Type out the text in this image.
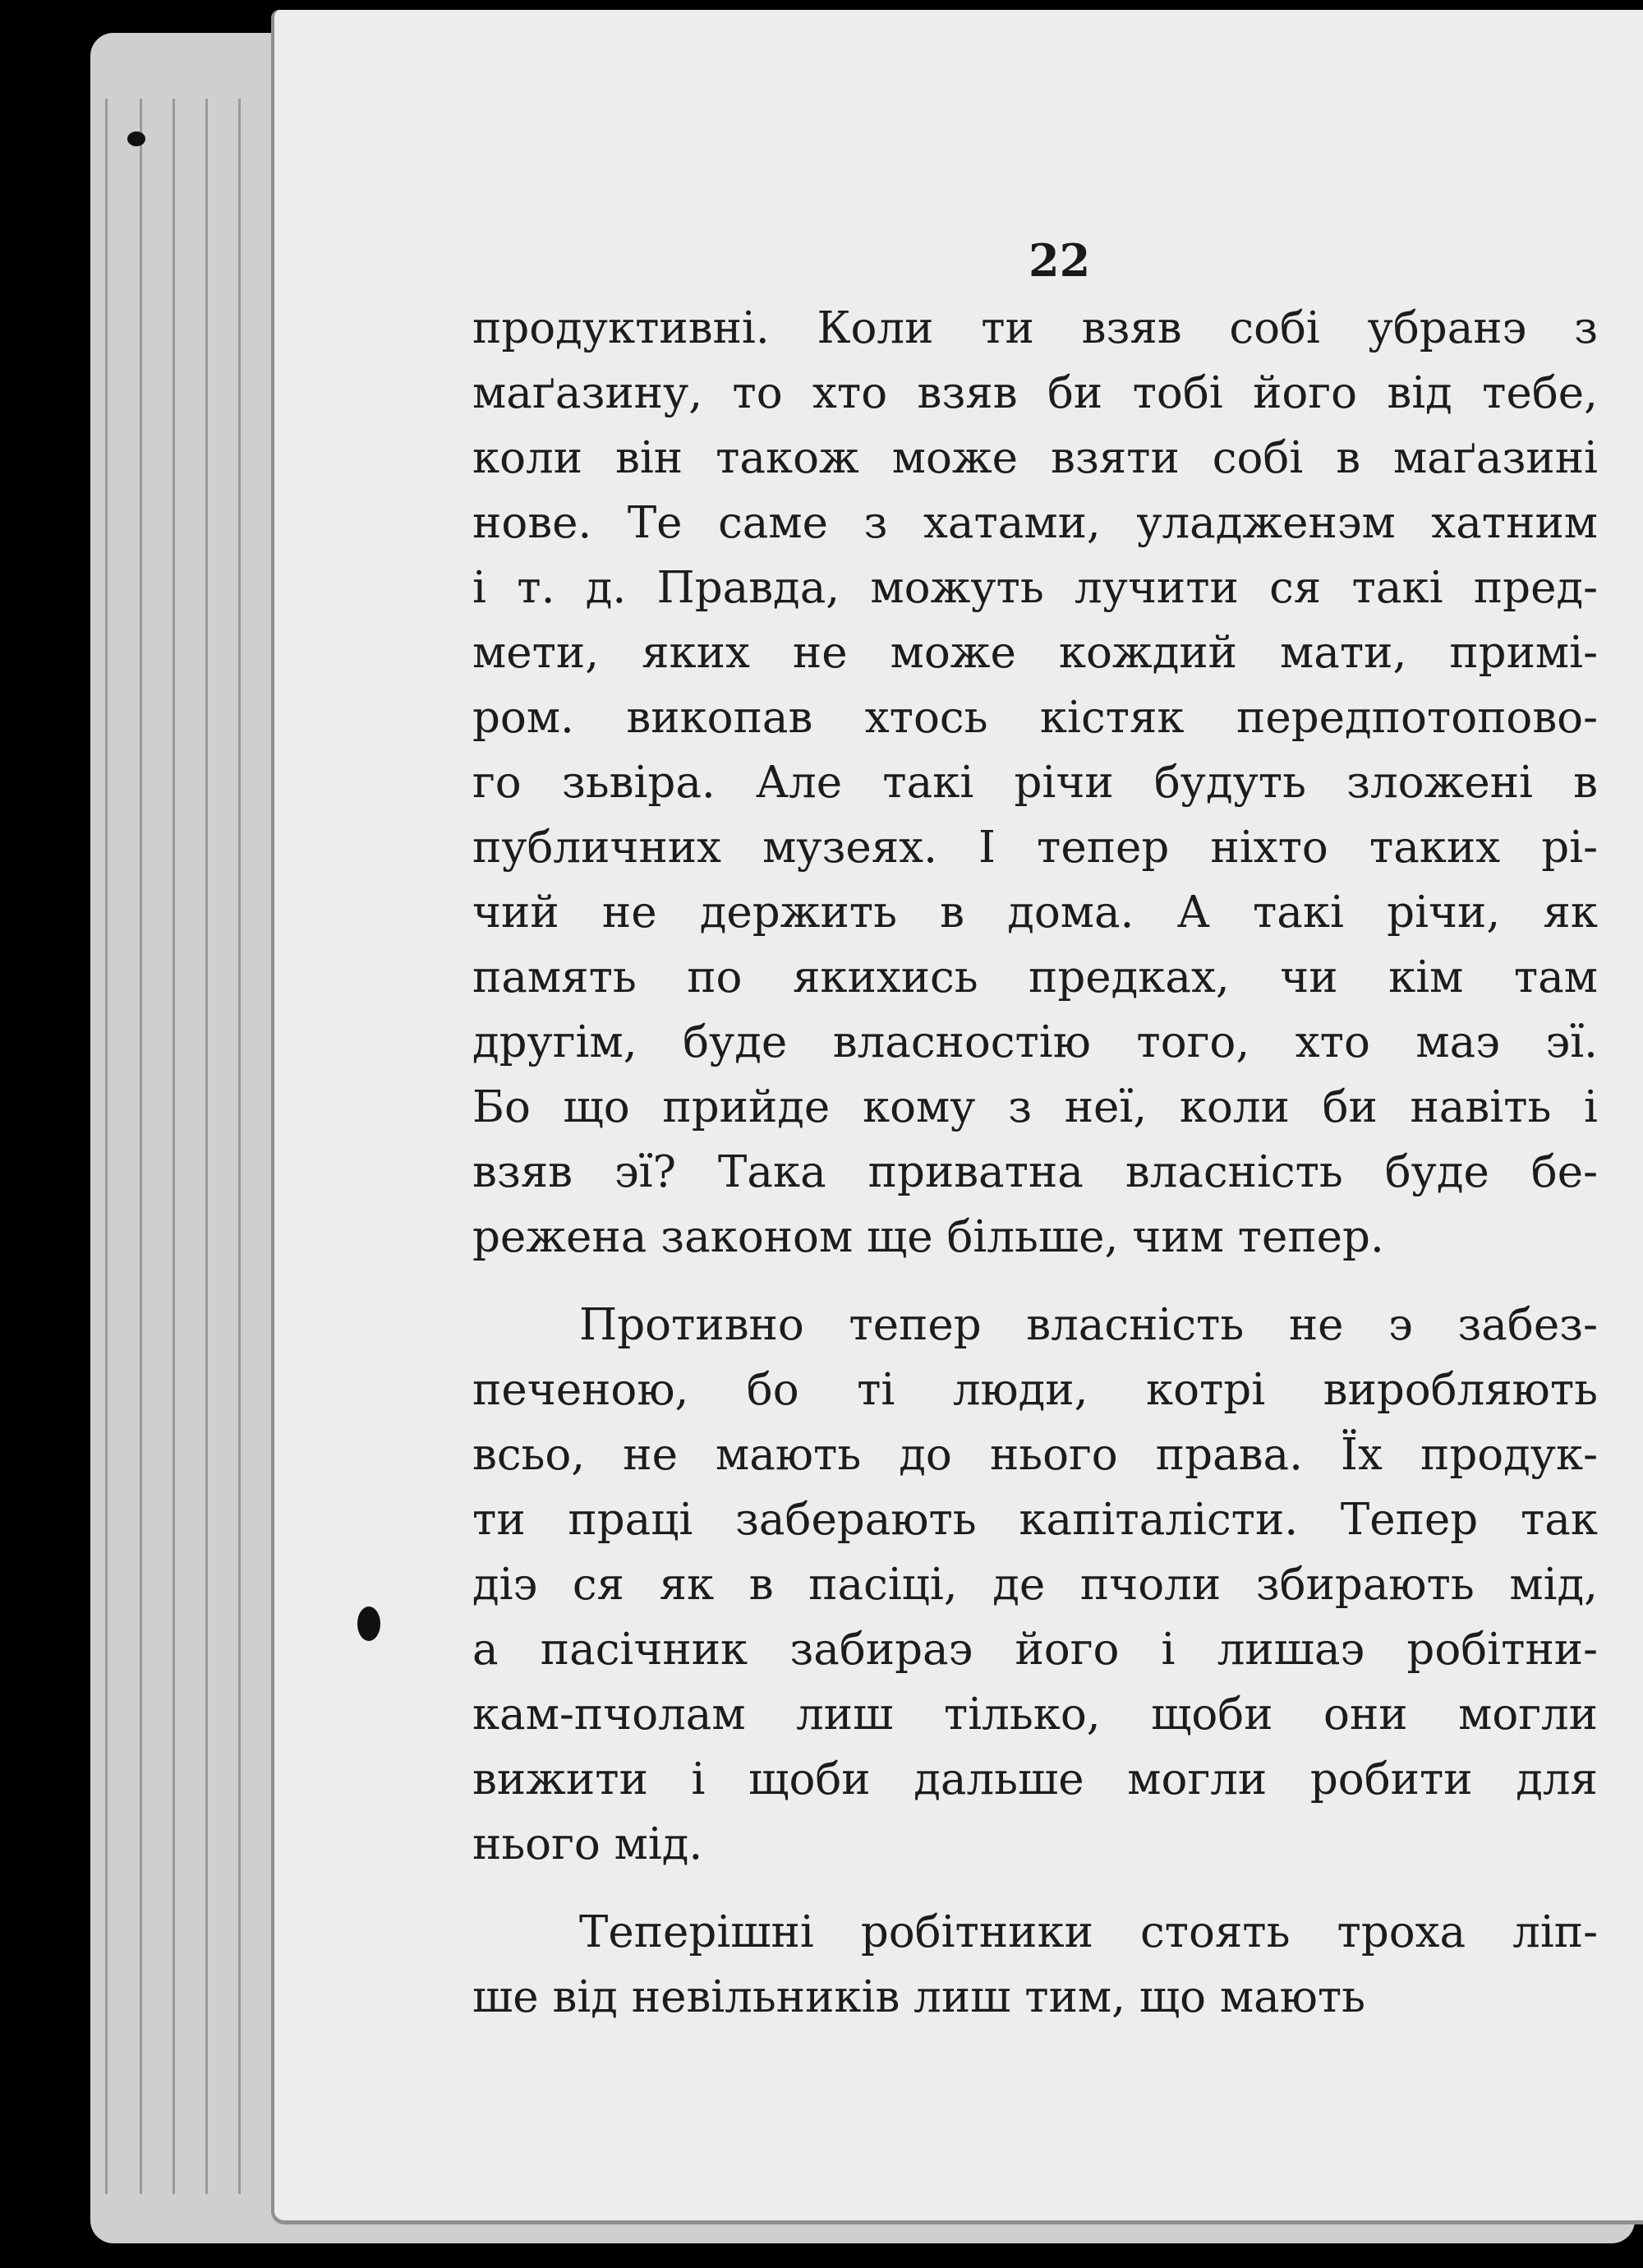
22
продуктивні. Коли ти взяв собі убранэ з
маґазину, то хто взяв би тобі його від тебе,
коли він також може взяти собі в маґазині
нове. Те саме з хатами, уладженэм хатним
і т. д. Правда, можуть лучити ся такі пред-
мети, яких не може кождий мати, примі-
ром. викопав хтось кістяк передпотопово-
го зьвіра. Але такі річи будуть зложені в
публичних музеях. І тепер ніхто таких рі-
чий не держить в дома. А такі річи, як
память по якихись предках, чи кім там
другім, буде власностію того, хто маэ эї.
Бо що прийде кому з неї, коли би навіть і
взяв эї? Така приватна власність буде бе-
режена законом ще більше, чим тепер.
Противно тепер власність не э забез-
печеною, бо ті люди, котрі виробляють
всьо, не мають до нього права. Їх продук-
ти праці заберають капіталісти. Тепер так
діэ ся як в пасіці, де пчоли збирають мід,
а пасічник забираэ його і лишаэ робітни-
кам-пчолам лиш тілько, щоби они могли
вижити і щоби дальше могли робити для
нього мід.
Теперішні робітники стоять троха ліп-
ше від невільників лиш тим, що мають
